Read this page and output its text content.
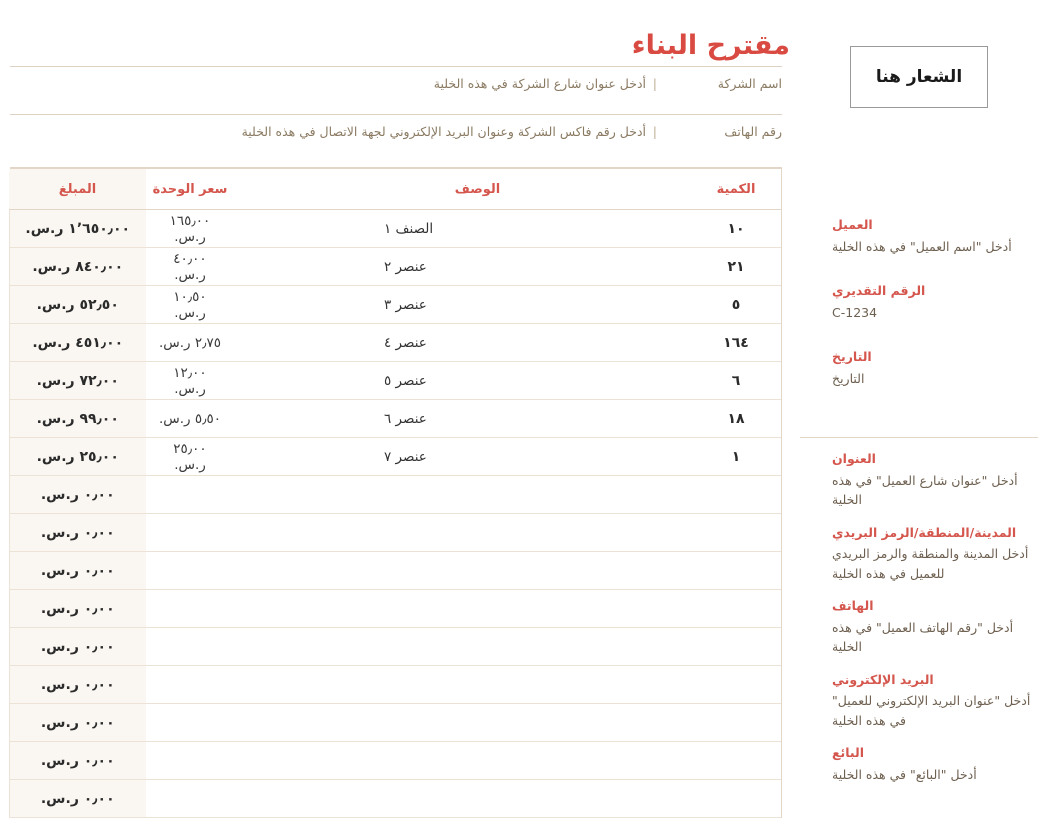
مقترح البناء
اسم الشركة
|
أدخل عنوان شارع الشركة في هذه الخلية
رقم الهاتف
|
أدخل رقم فاكس الشركة وعنوان البريد الإلكتروني لجهة الاتصال في هذه الخلية
الكمية	الوصف	سعر الوحدة	المبلغ
١٠	الصنف ١	١٦٥٫٠٠ ر.س.	١٬٦٥٠٫٠٠ ر.س.
٢١	عنصر ٢	٤٠٫٠٠ ر.س.	٨٤٠٫٠٠ ر.س.
٥	عنصر ٣	١٠٫٥٠ ر.س.	٥٢٫٥٠ ر.س.
١٦٤	عنصر ٤	٢٫٧٥ ر.س.	٤٥١٫٠٠ ر.س.
٦	عنصر ٥	١٢٫٠٠ ر.س.	٧٢٫٠٠ ر.س.
١٨	عنصر ٦	٥٫٥٠ ر.س.	٩٩٫٠٠ ر.س.
١	عنصر ٧	٢٥٫٠٠ ر.س.	٢٥٫٠٠ ر.س.
			٠٫٠٠ ر.س.
			٠٫٠٠ ر.س.
			٠٫٠٠ ر.س.
			٠٫٠٠ ر.س.
			٠٫٠٠ ر.س.
			٠٫٠٠ ر.س.
			٠٫٠٠ ر.س.
			٠٫٠٠ ر.س.
			٠٫٠٠ ر.س.
الشعار هنا
العميل
أدخل "اسم العميل" في هذه الخلية
الرقم التقديري
C-1234
التاريخ
التاريخ
العنوان
أدخل "عنوان شارع العميل" في هذه الخلية
المدينة/المنطقة/الرمز البريدي
أدخل المدينة والمنطقة والرمز البريدي للعميل في هذه الخلية
الهاتف
أدخل "رقم الهاتف العميل" في هذه الخلية
البريد الإلكتروني
أدخل "عنوان البريد الإلكتروني للعميل" في هذه الخلية
البائع
أدخل "البائع" في هذه الخلية
